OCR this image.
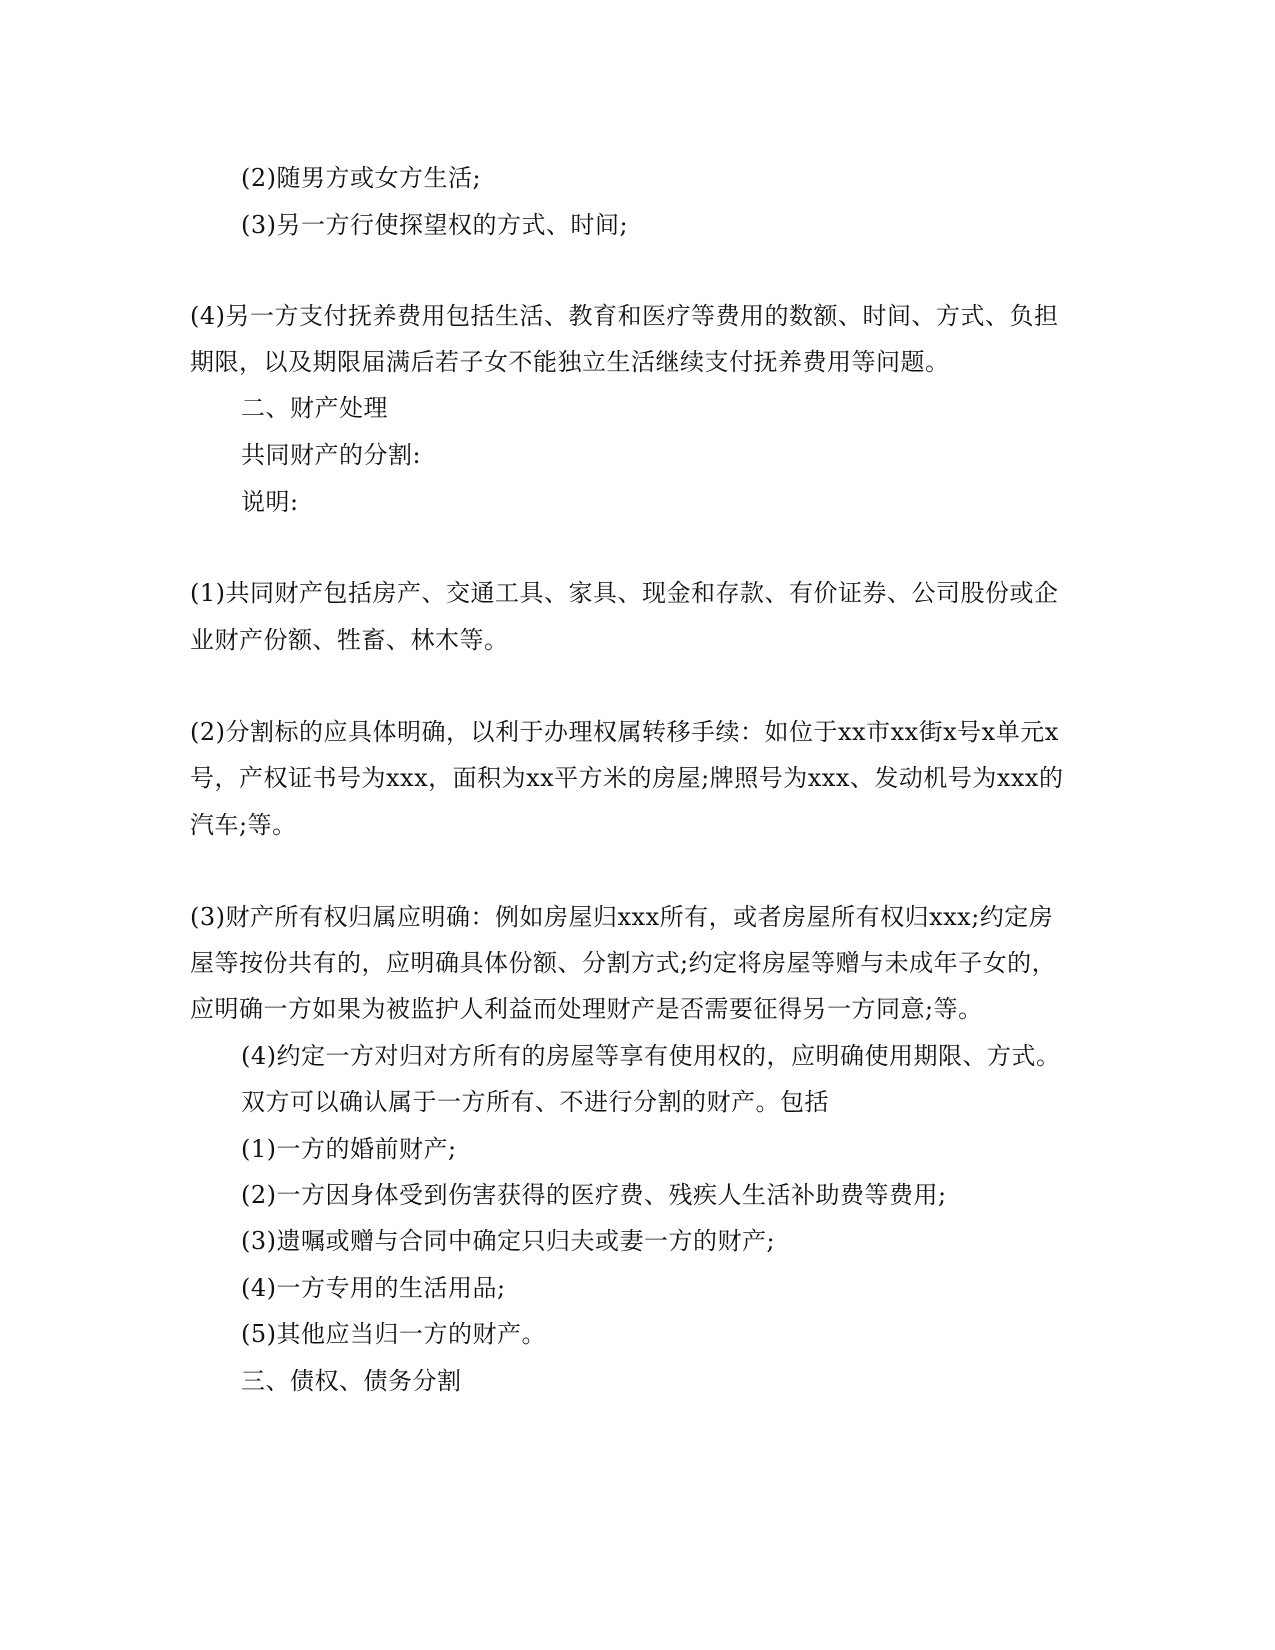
(2)随男方或女方生活;
(3)另一方行使探望权的方式、时间;
(4)另一方支付抚养费用包括生活、教育和医疗等费用的数额、时间、方式、负担
期限，以及期限届满后若子女不能独立生活继续支付抚养费用等问题。
二、财产处理
共同财产的分割:
说明:
(1)共同财产包括房产、交通工具、家具、现金和存款、有价证券、公司股份或企
业财产份额、牲畜、林木等。
(2)分割标的应具体明确，以利于办理权属转移手续：如位于xx市xx街x号x单元x
号，产权证书号为xxx，面积为xx平方米的房屋;牌照号为xxx、发动机号为xxx的
汽车;等。
(3)财产所有权归属应明确：例如房屋归xxx所有，或者房屋所有权归xxx;约定房
屋等按份共有的，应明确具体份额、分割方式;约定将房屋等赠与未成年子女的，
应明确一方如果为被监护人利益而处理财产是否需要征得另一方同意;等。
(4)约定一方对归对方所有的房屋等享有使用权的，应明确使用期限、方式。
双方可以确认属于一方所有、不进行分割的财产。包括
(1)一方的婚前财产;
(2)一方因身体受到伤害获得的医疗费、残疾人生活补助费等费用;
(3)遗嘱或赠与合同中确定只归夫或妻一方的财产;
(4)一方专用的生活用品;
(5)其他应当归一方的财产。
三、债权、债务分割
